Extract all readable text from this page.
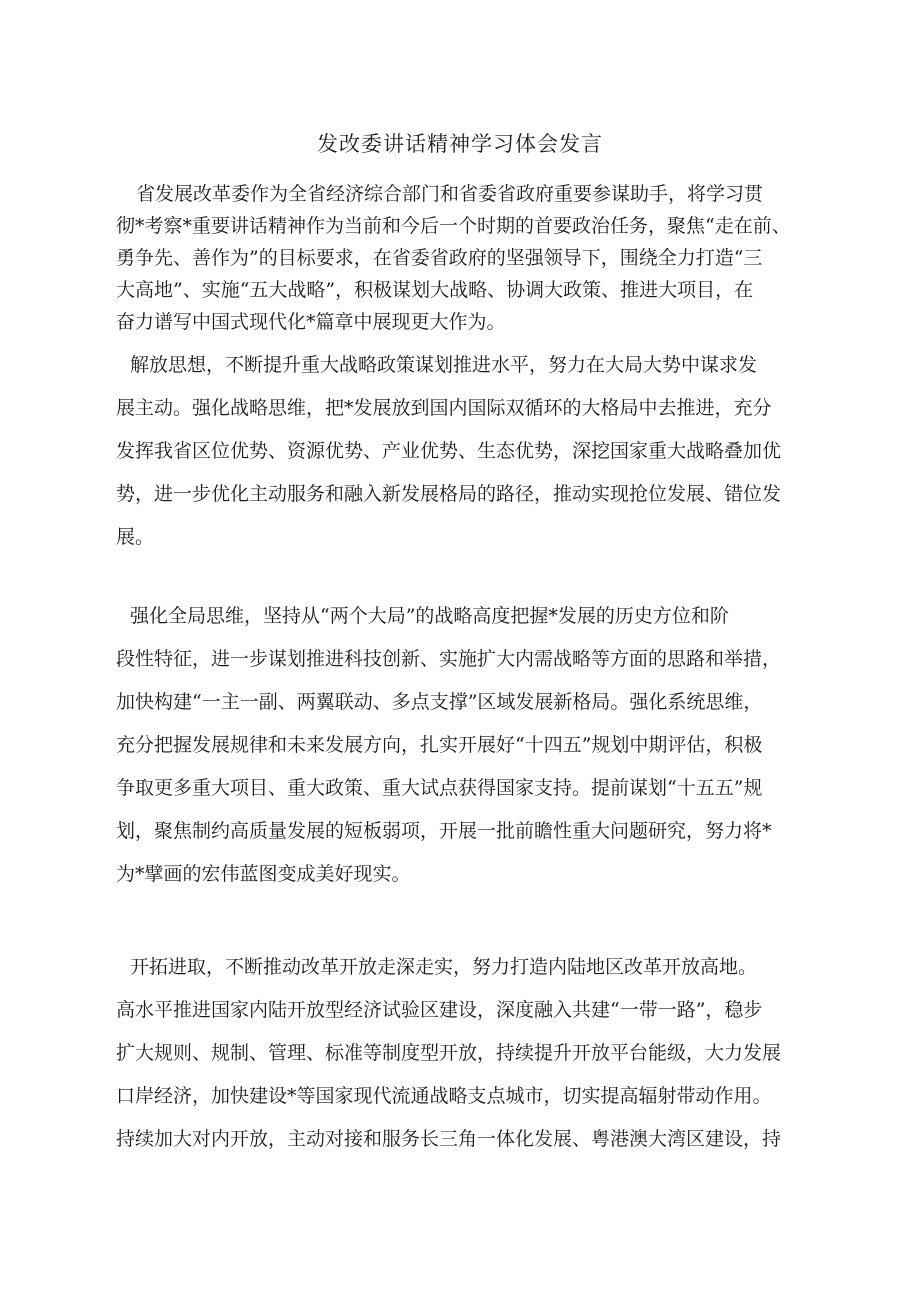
发改委讲话精神学习体会发言
省发展改革委作为全省经济综合部门和省委省政府重要参谋助手，将学习贯
彻*考察*重要讲话精神作为当前和今后一个时期的首要政治任务，聚焦“走在前、
勇争先、善作为”的目标要求，在省委省政府的坚强领导下，围绕全力打造“三
大高地”、实施“五大战略”，积极谋划大战略、协调大政策、推进大项目，在
奋力谱写中国式现代化*篇章中展现更大作为。
解放思想，不断提升重大战略政策谋划推进水平，努力在大局大势中谋求发
展主动。强化战略思维，把*发展放到国内国际双循环的大格局中去推进，充分
发挥我省区位优势、资源优势、产业优势、生态优势，深挖国家重大战略叠加优
势，进一步优化主动服务和融入新发展格局的路径，推动实现抢位发展、错位发
展。
强化全局思维，坚持从“两个大局”的战略高度把握*发展的历史方位和阶
段性特征，进一步谋划推进科技创新、实施扩大内需战略等方面的思路和举措，
加快构建“一主一副、两翼联动、多点支撑”区域发展新格局。强化系统思维，
充分把握发展规律和未来发展方向，扎实开展好“十四五”规划中期评估，积极
争取更多重大项目、重大政策、重大试点获得国家支持。提前谋划“十五五”规
划，聚焦制约高质量发展的短板弱项，开展一批前瞻性重大问题研究，努力将*
为*擘画的宏伟蓝图变成美好现实。
开拓进取，不断推动改革开放走深走实，努力打造内陆地区改革开放高地。
高水平推进国家内陆开放型经济试验区建设，深度融入共建“一带一路”，稳步
扩大规则、规制、管理、标准等制度型开放，持续提升开放平台能级，大力发展
口岸经济，加快建设*等国家现代流通战略支点城市，切实提高辐射带动作用。
持续加大对内开放，主动对接和服务长三角一体化发展、粤港澳大湾区建设，持
